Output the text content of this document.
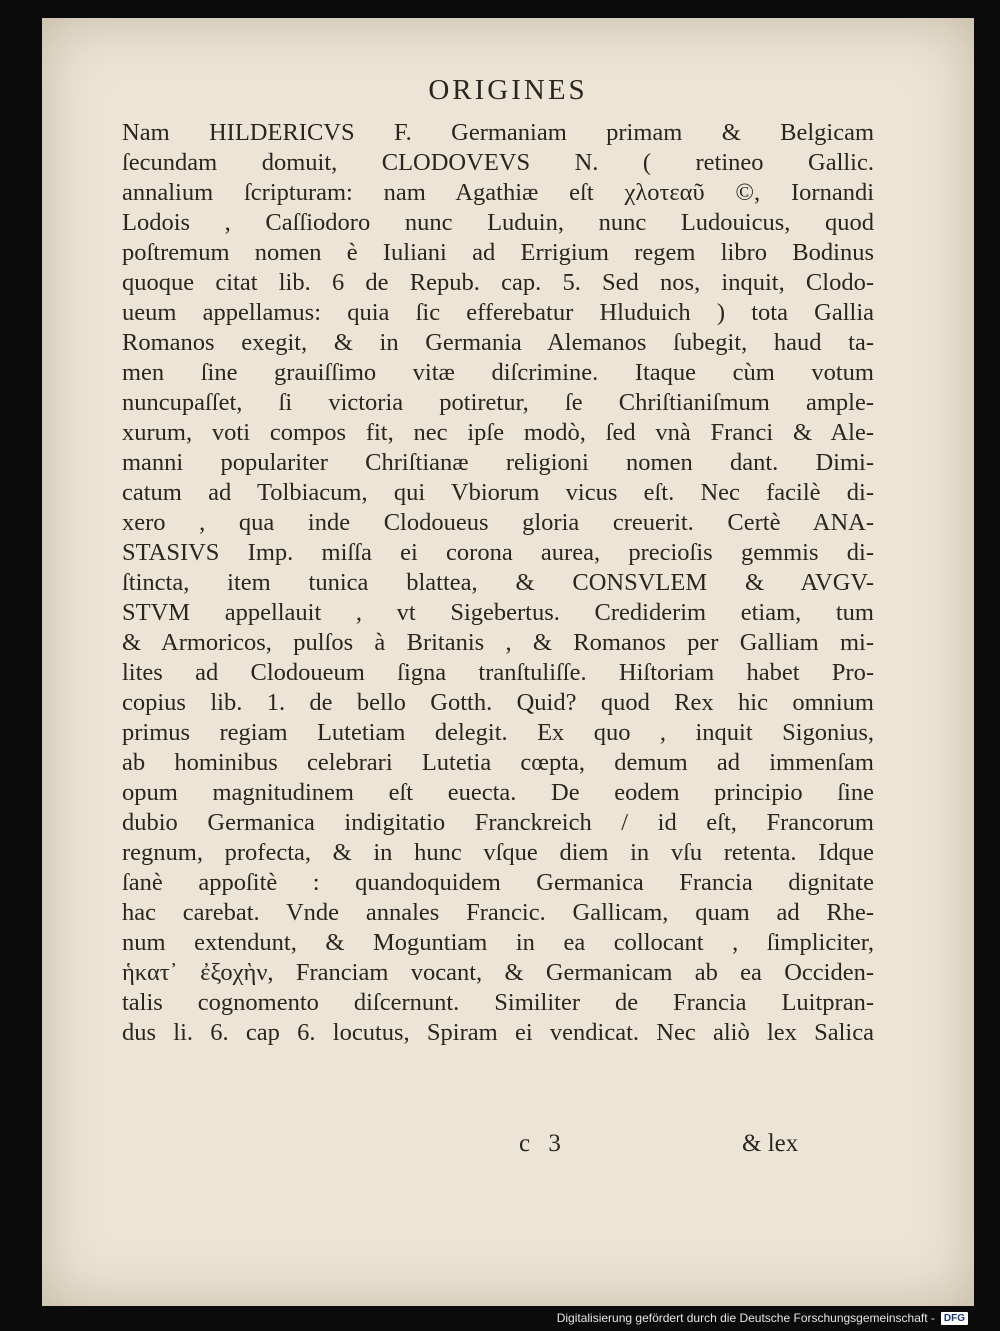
ORIGINES
Nam HILDERICVS F. Germaniam primam & Belgicam
ſecundam domuit, CLODOVEVS N. ( retineo Gallic.
annalium ſcripturam: nam Agathiæ eſt χλοτεαῦ ©, Iornandi
Lodois , Caſſiodoro nunc Luduin, nunc Ludouicus, quod
poſtremum nomen è Iuliani ad Errigium regem libro Bodinus
quoque citat lib. 6 de Repub. cap. 5. Sed nos, inquit, Clodo-
ueum appellamus: quia ſic efferebatur Hluduich ) tota Gallia
Romanos exegit, & in Germania Alemanos ſubegit, haud ta-
men ſine grauiſſimo vitæ diſcrimine. Itaque cùm votum
nuncupaſſet, ſi victoria potiretur, ſe Chriſtianiſmum ample-
xurum, voti compos fit, nec ipſe modò, ſed vnà Franci & Ale-
manni populariter Chriſtianæ religioni nomen dant. Dimi-
catum ad Tolbiacum, qui Vbiorum vicus eſt. Nec facilè di-
xero , qua inde Clodoueus gloria creuerit. Certè ANA-
STASIVS Imp. miſſa ei corona aurea, precioſis gemmis di-
ſtincta, item tunica blattea, & CONSVLEM & AVGV-
STVM appellauit , vt Sigebertus. Crediderim etiam, tum
& Armoricos, pulſos à Britanis , & Romanos per Galliam mi-
lites ad Clodoueum ſigna tranſtuliſſe. Hiſtoriam habet Pro-
copius lib. 1. de bello Gotth. Quid? quod Rex hic omnium
primus regiam Lutetiam delegit. Ex quo , inquit Sigonius,
ab hominibus celebrari Lutetia cœpta, demum ad immenſam
opum magnitudinem eſt euecta. De eodem principio ſine
dubio Germanica indigitatio Franckreich / id eſt, Francorum
regnum, profecta, & in hunc vſque diem in vſu retenta. Idque
ſanè appoſitè : quandoquidem Germanica Francia dignitate
hac carebat. Vnde annales Francic. Gallicam, quam ad Rhe-
num extendunt, & Moguntiam in ea collocant , ſimpliciter,
ἡκατ᾽ ἐξοχὴν, Franciam vocant, & Germanicam ab ea Occiden-
talis cognomento diſcernunt. Similiter de Francia Luitpran-
dus li. 6. cap 6. locutus, Spiram ei vendicat. Nec aliò lex Salica
c 3	& lex
Digitalisierung gefördert durch die Deutsche Forschungsgemeinschaft - DFG
